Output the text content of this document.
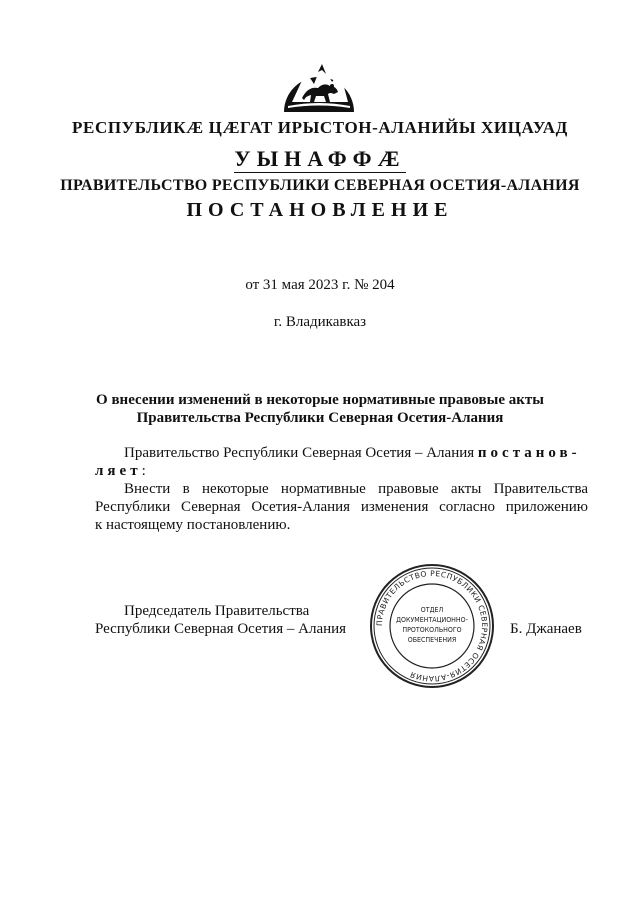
РЕСПУБЛИКӔ ЦӔГАТ ИРЫСТОН-АЛАНИЙЫ ХИЦАУАД
УЫНАФФӔ
ПРАВИТЕЛЬСТВО РЕСПУБЛИКИ СЕВЕРНАЯ ОСЕТИЯ-АЛАНИЯ
ПОСТАНОВЛЕНИЕ
от 31 мая 2023 г. № 204
г. Владикавказ
О внесении изменений в некоторые нормативные правовые акты
Правительства Республики Северная Осетия-Алания
Правительство Республики Северная Осетия – Алания постанов-
ляет:
Внести в некоторые нормативные правовые акты Правительства
Республики Северная Осетия-Алания изменения согласно приложению
к настоящему постановлению.
Председатель Правительства
Республики Северная Осетия – Алания	Б. Джанаев
ПРАВИТЕЛЬСТВО РЕСПУБЛИКИ СЕВЕРНАЯ ОСЕТИЯ-АЛАНИЯ
ОТДЕЛ
ДОКУМЕНТАЦИОННО-
ПРОТОКОЛЬНОГО
ОБЕСПЕЧЕНИЯ
